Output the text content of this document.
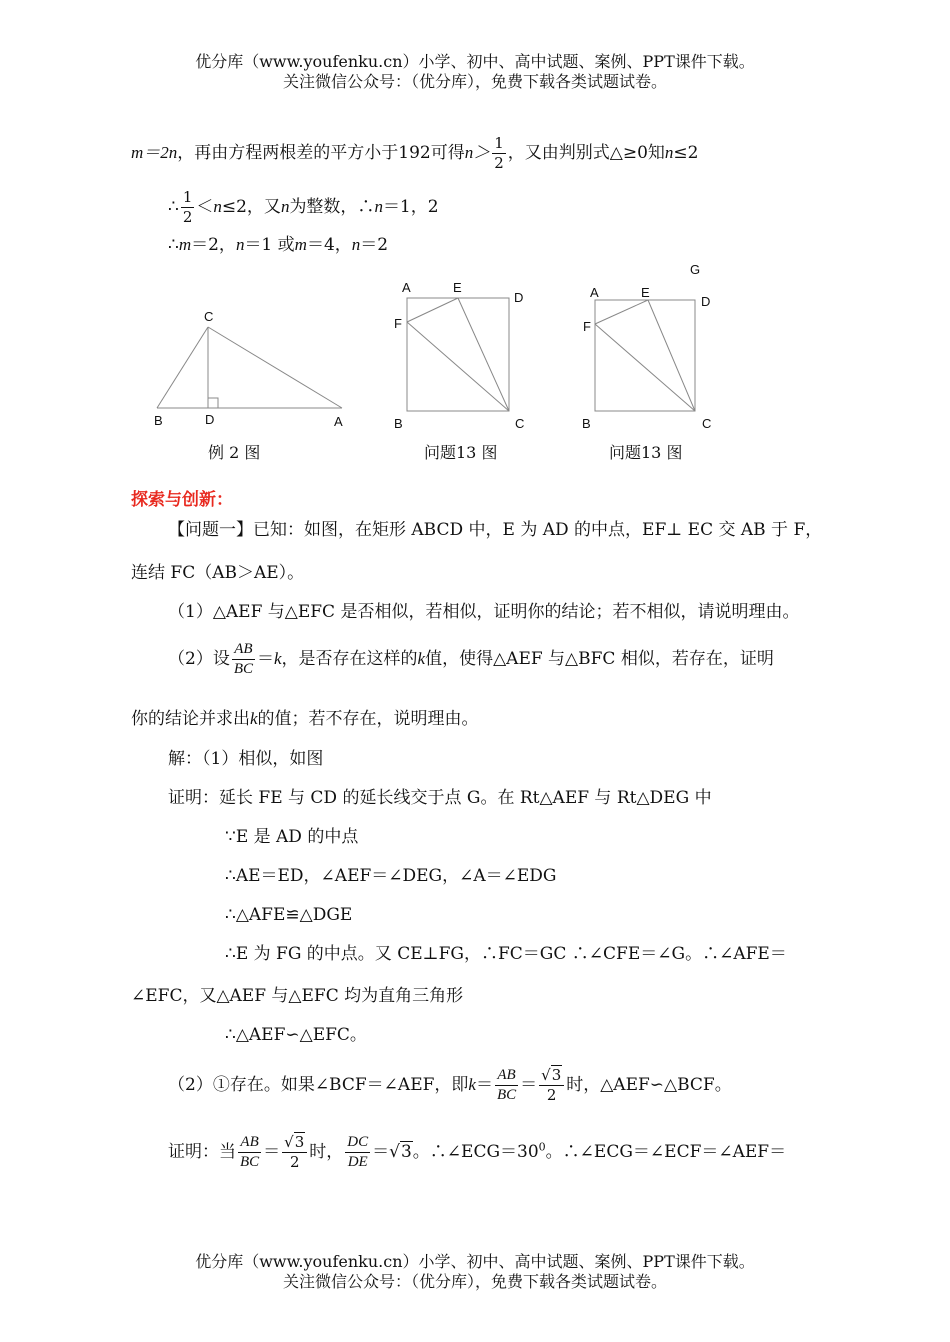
优分库（www.youfenku.cn）小学、初中、高中试题、案例、PPT课件下载。
关注微信公众号：（优分库），免费下载各类试题试卷。
m＝2n，再由方程两根差的平方小于192可得$n> \frac{1}{2}$ ，又由判别式△≥0知n≤2
∴ $\frac{1}{2} <n\le 2$，又n为整数，∴n＝1，2
∴m＝2，n＝1 或m＝4，n＝2
C
B	D	A
A	E
D
F
B	C
G
A	E
D
F
B	C
例 2 图	问题13 图	问题13 图
探索与创新：
【问题一】已知：如图，在矩形 ABCD 中，E 为 AD 的中点，EF⊥ EC 交 AB 于 F，
连结 FC（AB＞AE）。
（1）△AEF 与△EFC 是否相似，若相似，证明你的结论；若不相似，请说明理由。
（2）设 $\frac{AB}{BC} =k$，是否存在这样的k值，使得△AEF 与△BFC 相似，若存在，证明
你的结论并求出k的值；若不存在，说明理由。
解：（1）相似，如图
证明：延长 FE 与 CD 的延长线交于点 G。在 Rt△AEF 与 Rt△DEG 中
∵E 是 AD 的中点
∴AE＝ED，∠AEF＝∠DEG，∠A＝∠EDG
∴△AFE≌△DGE
∴E 为 FG 的中点。又 CE⊥FG，∴FC＝GC ∴∠CFE＝∠G。∴∠AFE＝
∠EFC，又△AEF 与△EFC 均为直角三角形
∴△AEF∽△EFC。
（2）①存在。如果∠BCF＝∠AEF，即$k= \frac{AB}{BC} = \frac{√3}{2}$ 时，△AEF∽△BCF。
证明：当 $\frac{AB}{BC} = \frac{√3}{2}$ 时， $\frac{DC}{DE} =√3$。$\therefore\angle ECG=30^0$。∴∠ECG＝∠ECF＝∠AEF＝
优分库（www.youfenku.cn）小学、初中、高中试题、案例、PPT课件下载。
关注微信公众号：（优分库），免费下载各类试题试卷。
